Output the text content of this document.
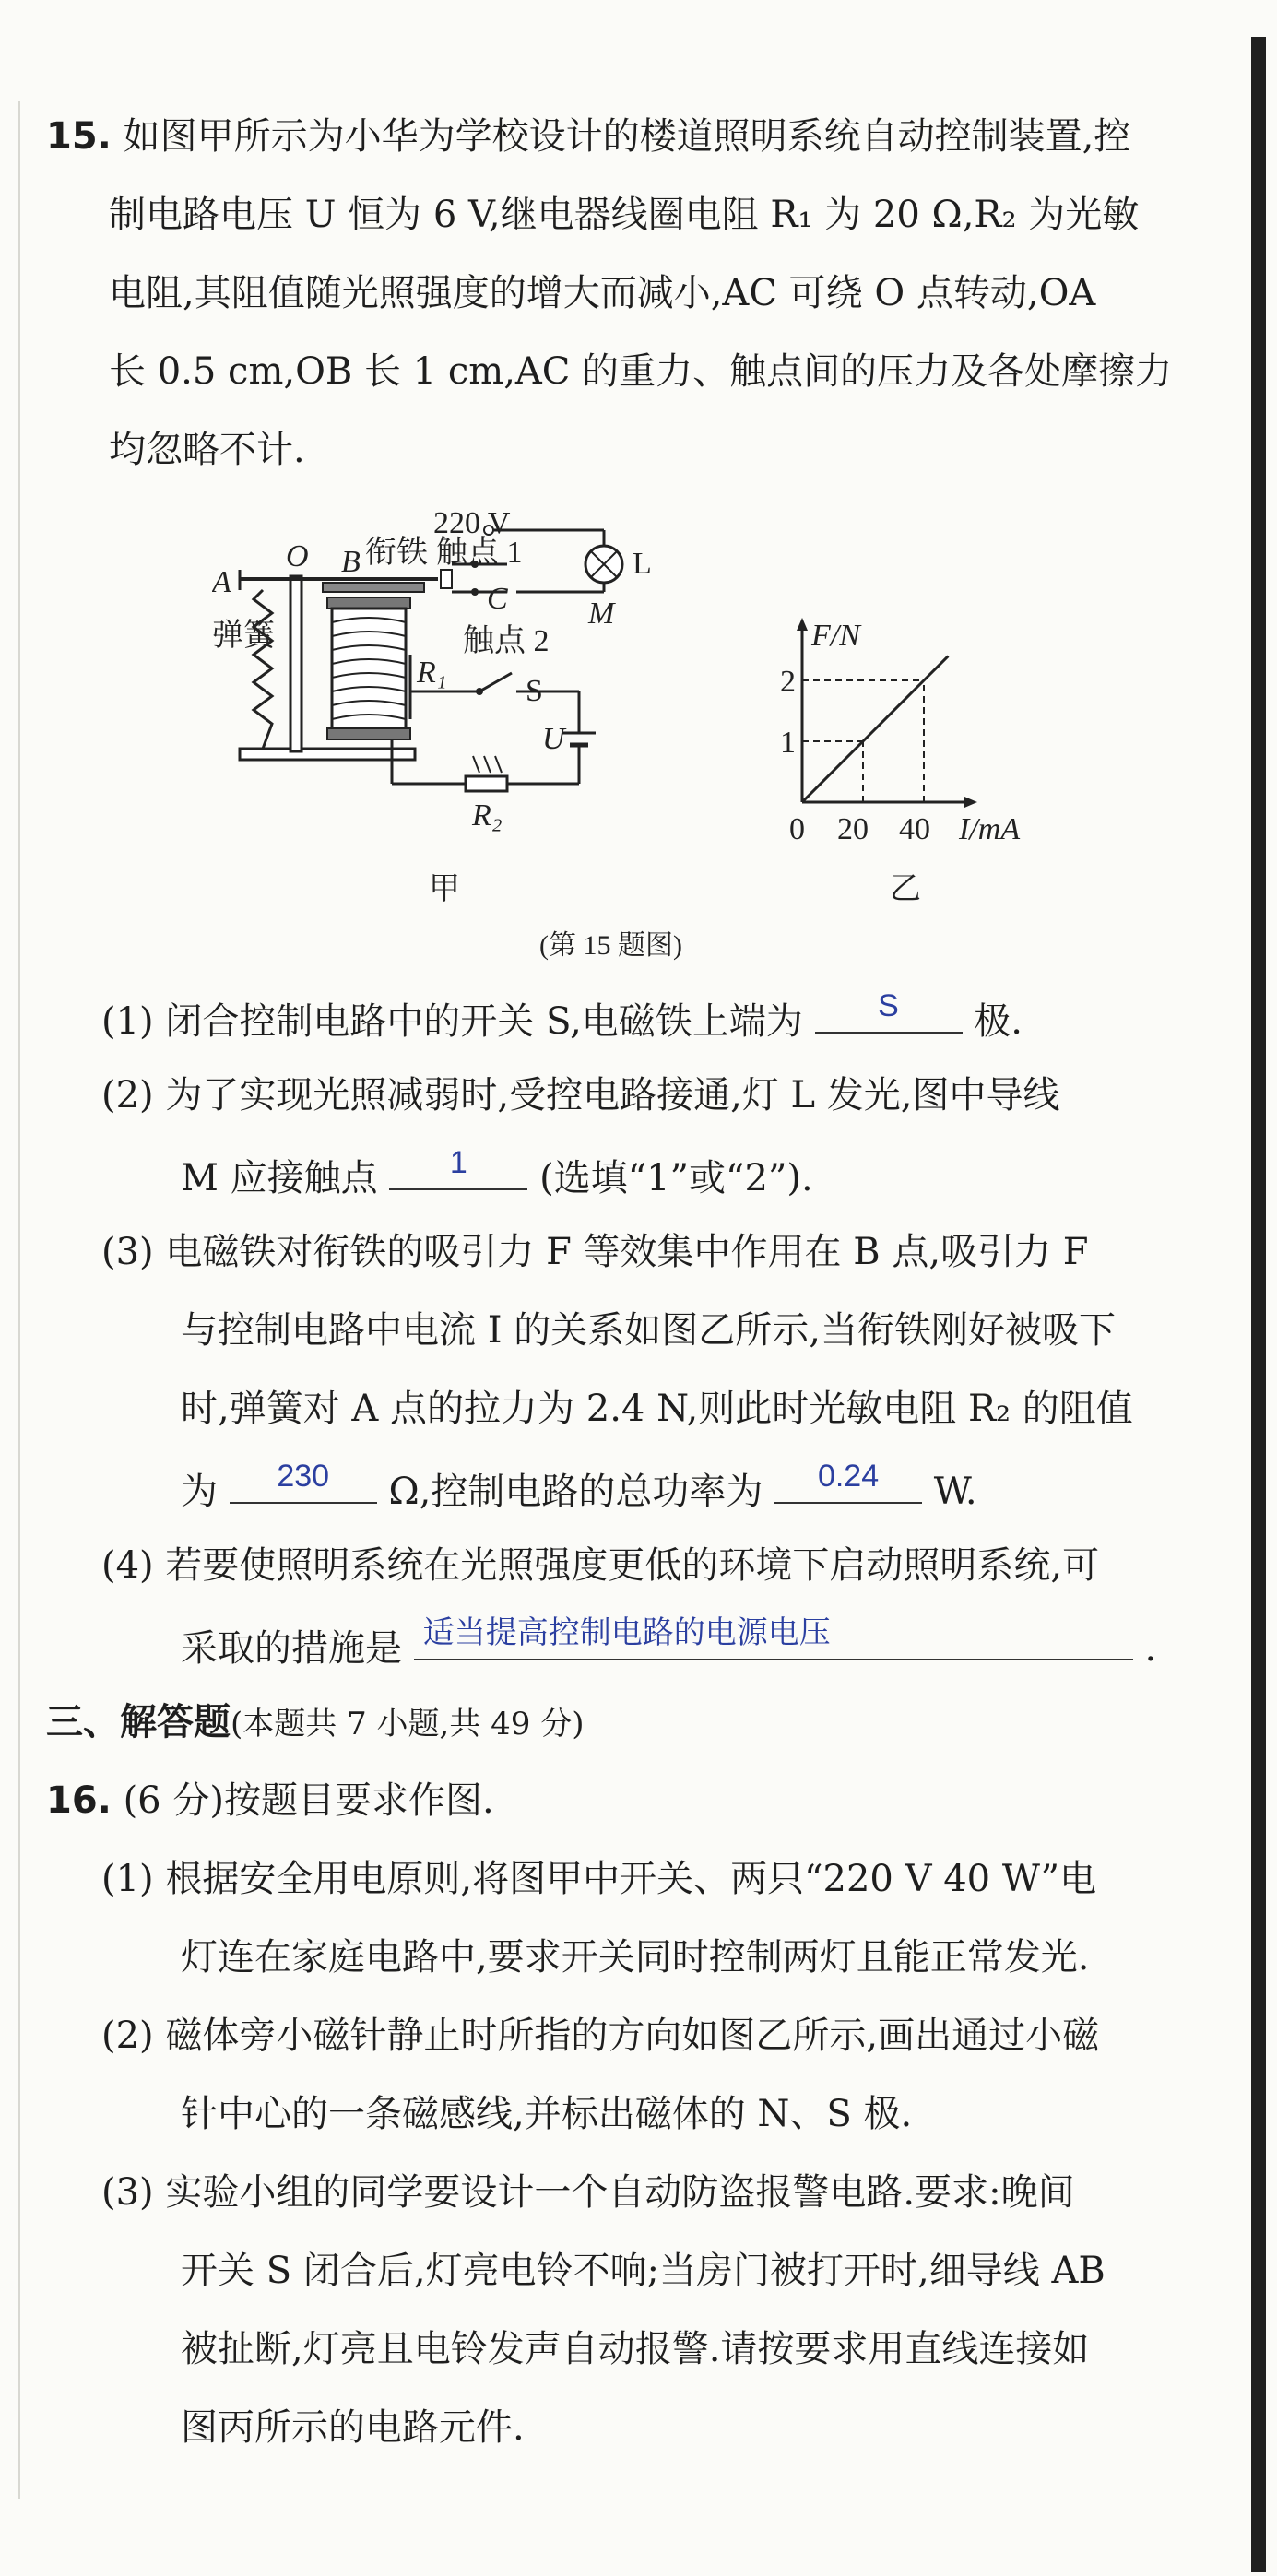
15. 如图甲所示为小华为学校设计的楼道照明系统自动控制装置,控
制电路电压 U 恒为 6 V,继电器线圈电阻 R₁ 为 20 Ω,R₂ 为光敏
电阻,其阻值随光照强度的增大而减小,AC 可绕 O 点转动,OA
长 0.5 cm,OB 长 1 cm,AC 的重力、触点间的压力及各处摩擦力
均忽略不计.
220 V
衔铁 触点 1	L
M
A
O B
C
触点 2
弹簧
R₁
S
U
R₂
甲
F/N
I/mA
0 20 40
1
2
乙
(第 15 题图)
(1) 闭合控制电路中的开关 S,电磁铁上端为	S	极.
(2) 为了实现光照减弱时,受控电路接通,灯 L 发光,图中导线
M 应接触点	1	(选填“1”或“2”).
(3) 电磁铁对衔铁的吸引力 F 等效集中作用在 B 点,吸引力 F
与控制电路中电流 I 的关系如图乙所示,当衔铁刚好被吸下
时,弹簧对 A 点的拉力为 2.4 N,则此时光敏电阻 R₂ 的阻值
为	230	Ω,控制电路的总功率为	0.24	W.
(4) 若要使照明系统在光照强度更低的环境下启动照明系统,可
采取的措施是 适当提高控制电路的电源电压	.
三、解答题(本题共 7 小题,共 49 分)
16. (6 分)按题目要求作图.
(1) 根据安全用电原则,将图甲中开关、两只“220 V 40 W”电
灯连在家庭电路中,要求开关同时控制两灯且能正常发光.
(2) 磁体旁小磁针静止时所指的方向如图乙所示,画出通过小磁
针中心的一条磁感线,并标出磁体的 N、S 极.
(3) 实验小组的同学要设计一个自动防盗报警电路.要求:晚间
开关 S 闭合后,灯亮电铃不响;当房门被打开时,细导线 AB
被扯断,灯亮且电铃发声自动报警.请按要求用直线连接如
图丙所示的电路元件.
